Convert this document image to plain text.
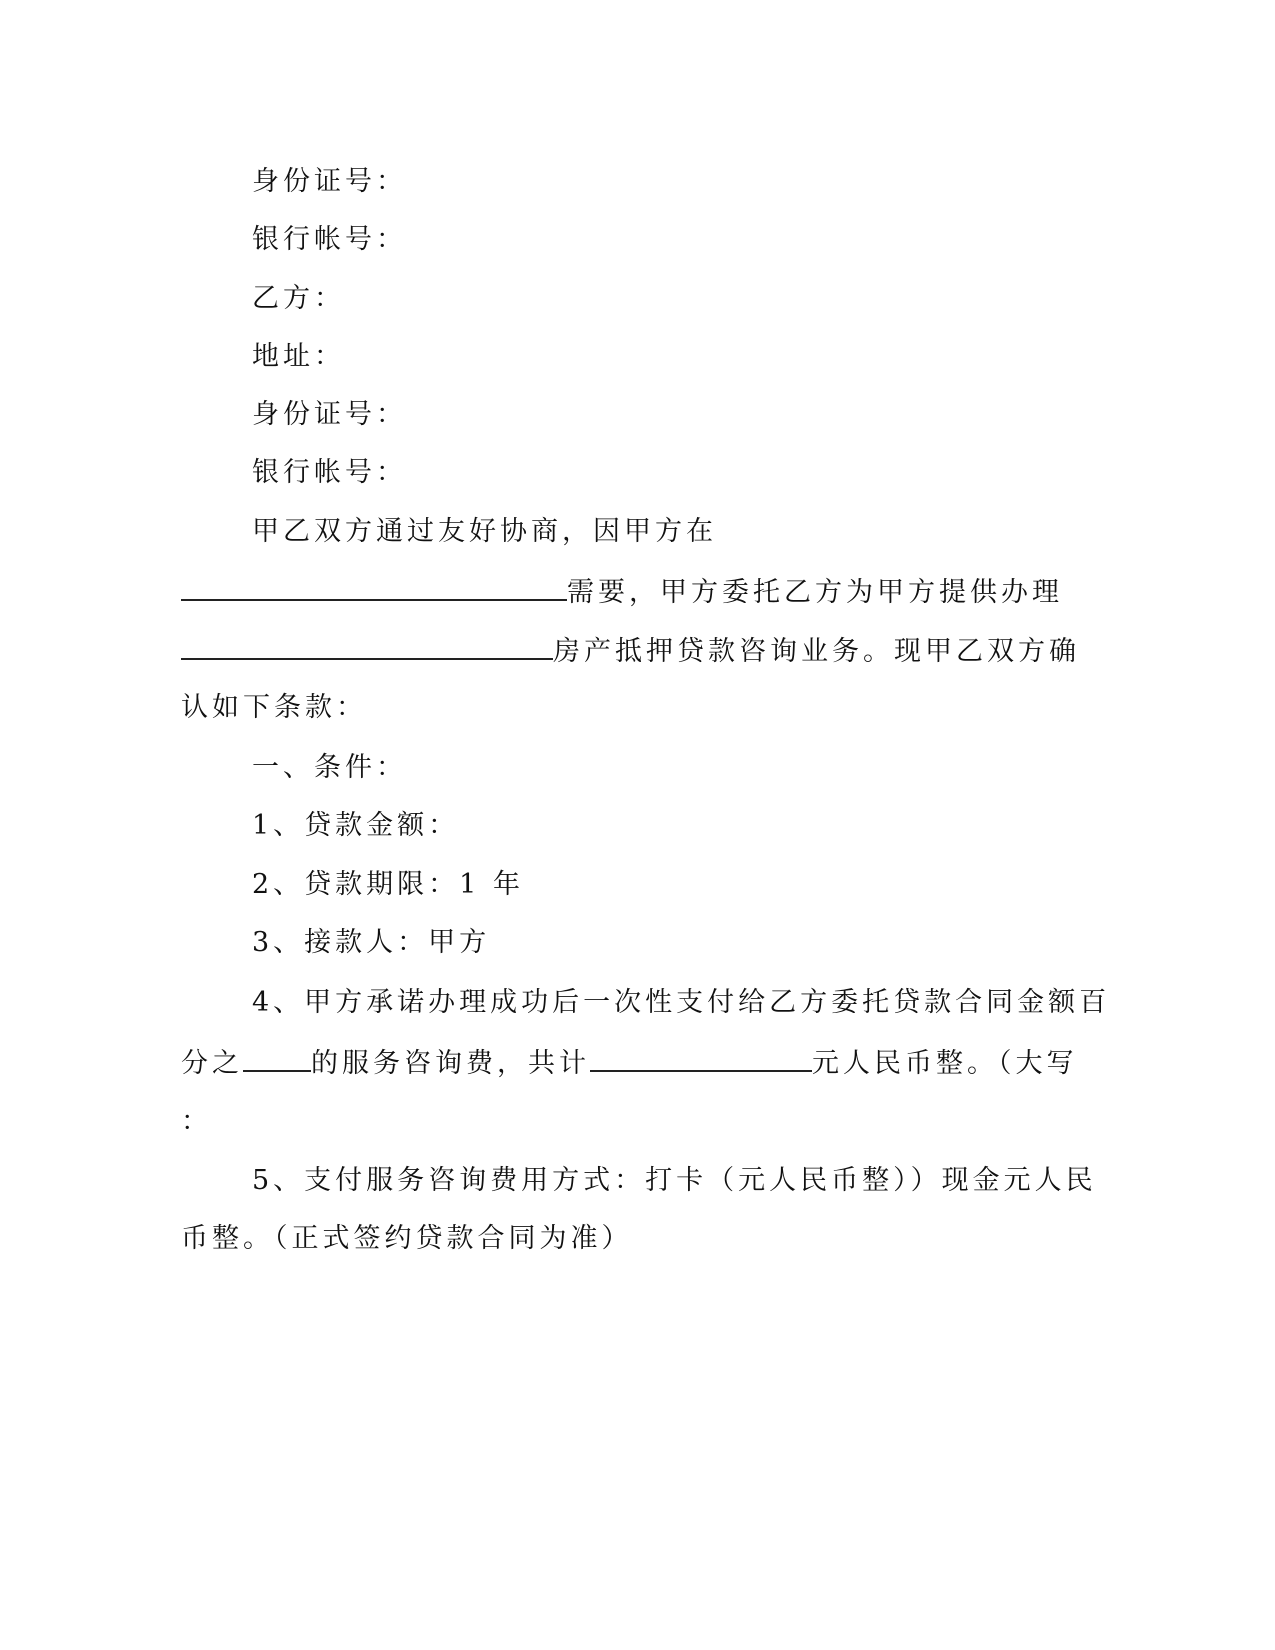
身份证号：
银行帐号：
乙方：
地址：
身份证号：
银行帐号：
甲乙双方通过友好协商，因甲方在
需要，甲方委托乙方为甲方提供办理
房产抵押贷款咨询业务。现甲乙双方确
认如下条款：
一、条件：
1、贷款金额：
2、贷款期限：1 年
3、接款人：甲方
4、甲方承诺办理成功后一次性支付给乙方委托贷款合同金额百
分之	的服务咨询费，共计	元人民币整。（大写
：
5、支付服务咨询费用方式：打卡（元人民币整））现金元人民
币整。（正式签约贷款合同为准）
